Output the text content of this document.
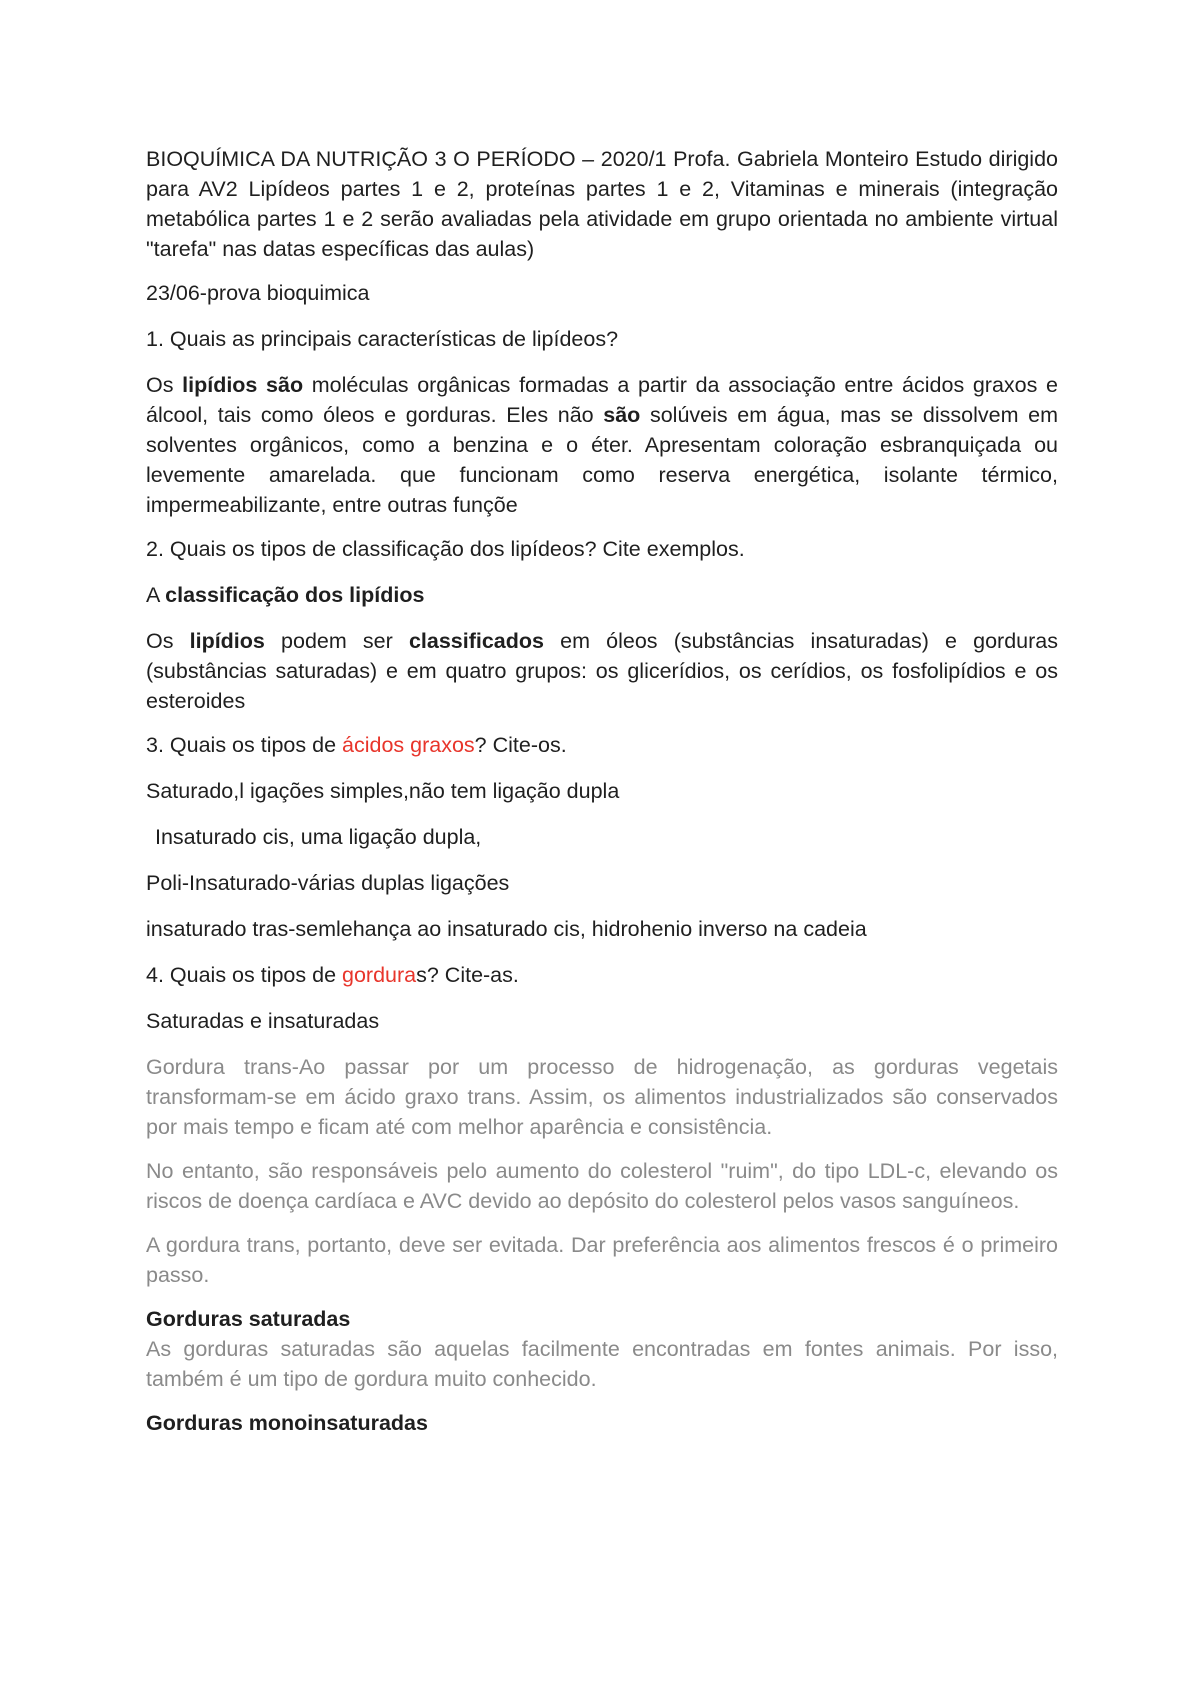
BIOQUÍMICA DA NUTRIÇÃO 3 O PERÍODO – 2020/1 Profa. Gabriela Monteiro Estudo dirigido para AV2 Lipídeos partes 1 e 2, proteínas partes 1 e 2, Vitaminas e minerais (integração metabólica partes 1 e 2 serão avaliadas pela atividade em grupo orientada no ambiente virtual "tarefa" nas datas específicas das aulas)

23/06-prova bioquimica

1. Quais as principais características de lipídeos?

Os lipídios são moléculas orgânicas formadas a partir da associação entre ácidos graxos e álcool, tais como óleos e gorduras. Eles não são solúveis em água, mas se dissolvem em solventes orgânicos, como a benzina e o éter. Apresentam coloração esbranquiçada ou levemente amarelada. que funcionam como reserva energética, isolante térmico, impermeabilizante, entre outras funçõe

2. Quais os tipos de classificação dos lipídeos? Cite exemplos.

A classificação dos lipídios

Os lipídios podem ser classificados em óleos (substâncias insaturadas) e gorduras (substâncias saturadas) e em quatro grupos: os glicerídios, os cerídios, os fosfolipídios e os esteroides

3. Quais os tipos de ácidos graxos? Cite-os.

Saturado,l igações simples,não tem ligação dupla

Insaturado cis, uma ligação dupla,

Poli-Insaturado-várias duplas ligações

insaturado tras-semlehança ao insaturado cis, hidrohenio inverso na cadeia

4. Quais os tipos de gorduras? Cite-as.

Saturadas e insaturadas

Gordura trans-Ao passar por um processo de hidrogenação, as gorduras vegetais transformam-se em ácido graxo trans. Assim, os alimentos industrializados são conservados por mais tempo e ficam até com melhor aparência e consistência.

No entanto, são responsáveis pelo aumento do colesterol "ruim", do tipo LDL-c, elevando os riscos de doença cardíaca e AVC devido ao depósito do colesterol pelos vasos sanguíneos.

A gordura trans, portanto, deve ser evitada. Dar preferência aos alimentos frescos é o primeiro passo.

Gorduras saturadas

As gorduras saturadas são aquelas facilmente encontradas em fontes animais. Por isso, também é um tipo de gordura muito conhecido.

Gorduras monoinsaturadas
